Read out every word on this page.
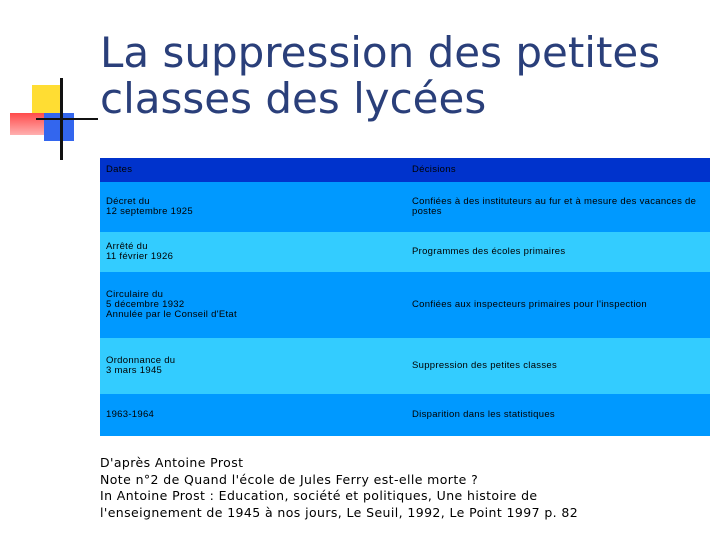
La suppression des petites
classes des lycées
Dates	Décisions

Décret du
12 septembre 1925	Confiées à des instituteurs au fur et à mesure des vacances de postes

Arrêté du
11 février 1926	Programmes des écoles primaires

Circulaire du
5 décembre 1932
Annulée par le Conseil d'Etat	Confiées aux inspecteurs primaires pour l'inspection

Ordonnance du
3 mars 1945	Suppression des petites classes

1963-1964	Disparition dans les statistiques
D'après Antoine Prost
Note n°2 de Quand l'école de Jules Ferry est-elle morte ?
In Antoine Prost : Education, société et politiques, Une histoire de
l'enseignement de 1945 à nos jours, Le Seuil, 1992, Le Point 1997 p. 82
